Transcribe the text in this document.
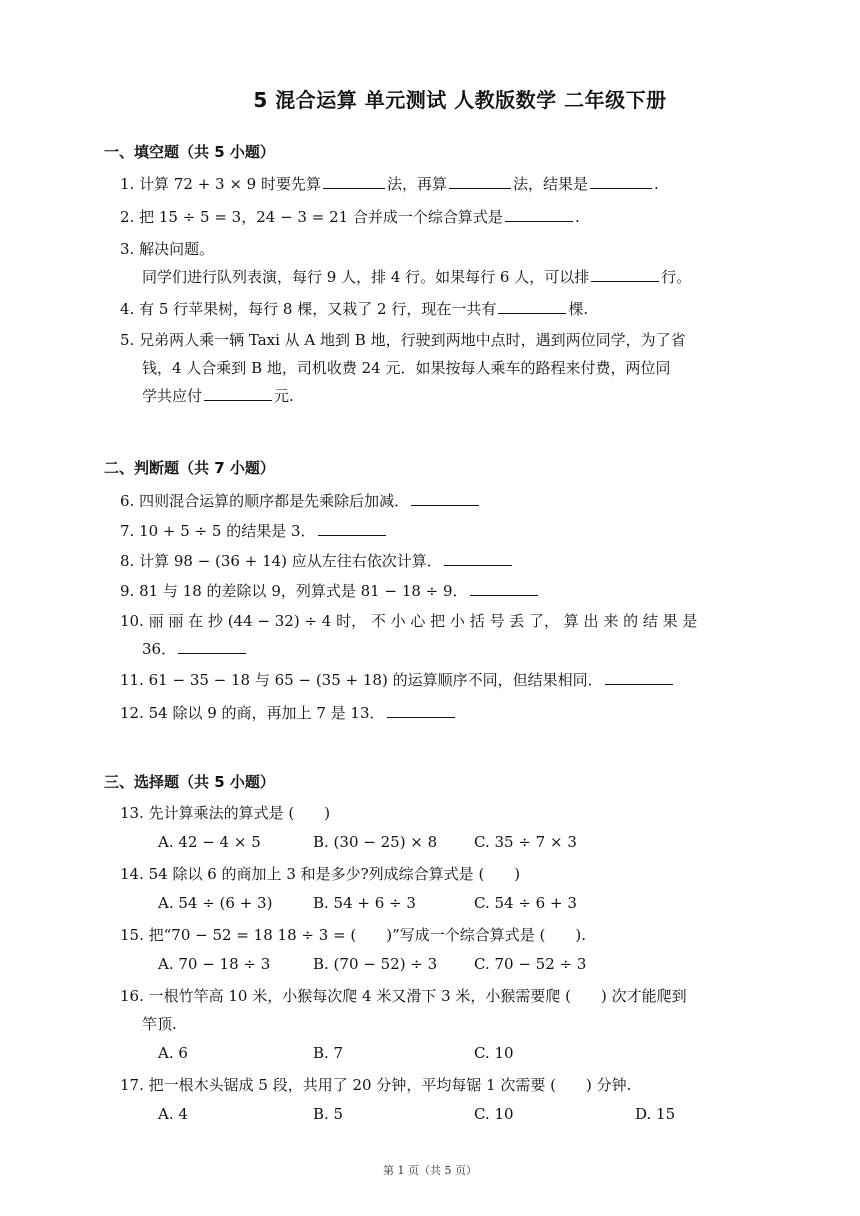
5 混合运算 单元测试 人教版数学 二年级下册
一、填空题（共 5 小题）
1. 计算 72 + 3 × 9 时要先算	法，再算	法，结果是	.
2. 把 15 ÷ 5 = 3，24 − 3 = 21 合并成一个综合算式是	.
3. 解决问题。
同学们进行队列表演，每行 9 人，排 4 行。如果每行 6 人，可以排	行。
4. 有 5 行苹果树，每行 8 棵，又栽了 2 行，现在一共有	棵.
5. 兄弟两人乘一辆 Taxi 从 A 地到 B 地，行驶到两地中点时，遇到两位同学，为了省
钱，4 人合乘到 B 地，司机收费 24 元．如果按每人乘车的路程来付费，两位同
学共应付	元.
二、判断题（共 7 小题）
6. 四则混合运算的顺序都是先乘除后加减．
7. 10 + 5 ÷ 5 的结果是 3．
8. 计算 98 − (36 + 14) 应从左往右依次计算．
9. 81 与 18 的差除以 9，列算式是 81 − 18 ÷ 9．
10. 丽 丽 在 抄 (44 − 32) ÷ 4 时， 不 小 心 把 小 括 号 丢 了， 算 出 来 的 结 果 是
36．
11. 61 − 35 − 18 与 65 − (35 + 18) 的运算顺序不同，但结果相同．
12. 54 除以 9 的商，再加上 7 是 13．
三、选择题（共 5 小题）
13. 先计算乘法的算式是 (　　)
A. 42 − 4 × 5	B. (30 − 25) × 8 C. 35 ÷ 7 × 3
14. 54 除以 6 的商加上 3 和是多少?列成综合算式是 (　　)
A. 54 ÷ (6 + 3)	B. 54 + 6 ÷ 3	C. 54 ÷ 6 + 3
15. 把“70 − 52 = 18 18 ÷ 3 = (　　)”写成一个综合算式是 (　　).
A. 70 − 18 ÷ 3	B. (70 − 52) ÷ 3 C. 70 − 52 ÷ 3
16. 一根竹竿高 10 米，小猴每次爬 4 米又滑下 3 米，小猴需要爬 (　　) 次才能爬到
竿顶.
A. 6	B. 7	C. 10
17. 把一根木头锯成 5 段，共用了 20 分钟，平均每锯 1 次需要 (　　) 分钟.
A. 4	B. 5	C. 10	D. 15
第 1 页（共 5 页）
